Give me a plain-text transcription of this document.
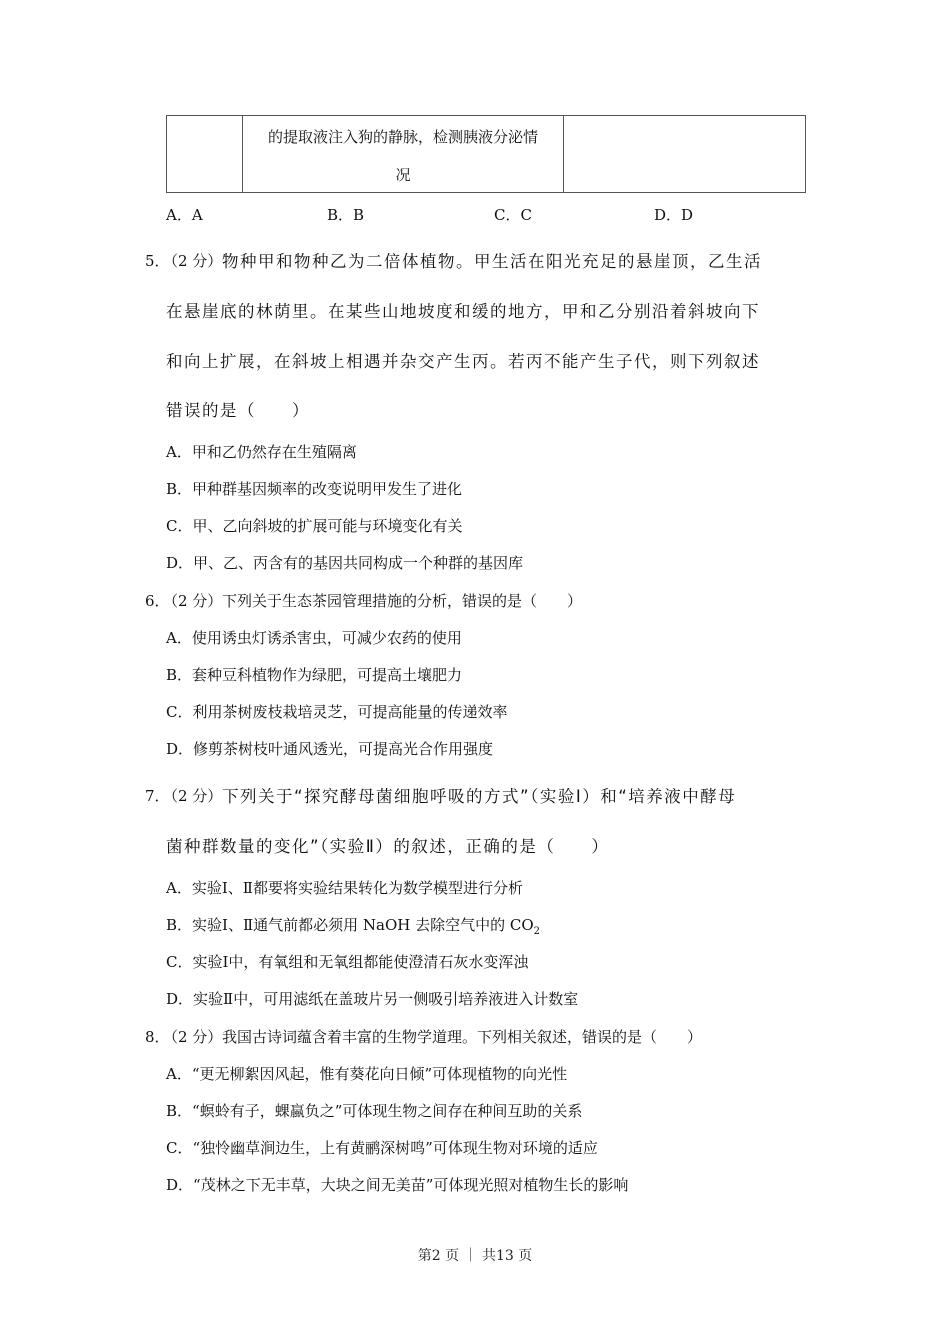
的提取液注入狗的静脉，检测胰液分泌情
况
A．A	B．B	C．C	D．D
5．
（2 分） 物种甲和物种乙为二倍体植物。甲生活在阳光充足的悬崖顶，乙生活
在悬崖底的林荫里。在某些山地坡度和缓的地方，甲和乙分别沿着斜坡向下
和向上扩展，在斜坡上相遇并杂交产生丙。若丙不能产生子代，则下列叙述
错误的是（　　）
A．甲和乙仍然存在生殖隔离
B．甲种群基因频率的改变说明甲发生了进化
C．甲、乙向斜坡的扩展可能与环境变化有关
D．甲、乙、丙含有的基因共同构成一个种群的基因库
6．
（2 分） 下列关于生态茶园管理措施的分析，错误的是（　　）
A．使用诱虫灯诱杀害虫，可减少农药的使用
B．套种豆科植物作为绿肥，可提高土壤肥力
C．利用茶树废枝栽培灵芝，可提高能量的传递效率
D．修剪茶树枝叶通风透光，可提高光合作用强度
7．
（2 分） 下列关于“探究酵母菌细胞呼吸的方式”（实验Ⅰ）和“培养液中酵母
菌种群数量的变化”（实验Ⅱ）的叙述，正确的是（　　）
A．实验Ⅰ、Ⅱ都要将实验结果转化为数学模型进行分析
B．实验Ⅰ、Ⅱ通气前都必须用 NaOH 去除空气中的 $CO_2$
C．实验Ⅰ中，有氧组和无氧组都能使澄清石灰水变浑浊
D．实验Ⅱ中，可用滤纸在盖玻片另一侧吸引培养液进入计数室
8．
（2 分） 我国古诗词蕴含着丰富的生物学道理。下列相关叙述，错误的是（　　）
A．“更无柳絮因风起，惟有葵花向日倾”可体现植物的向光性
B．“螟蛉有子，蜾蠃负之”可体现生物之间存在种间互助的关系
C．“独怜幽草涧边生，上有黄鹂深树鸣”可体现生物对环境的适应
D．“茂林之下无丰草，大块之间无美苗”可体现光照对植物生长的影响
第2 页 ｜ 共13 页
